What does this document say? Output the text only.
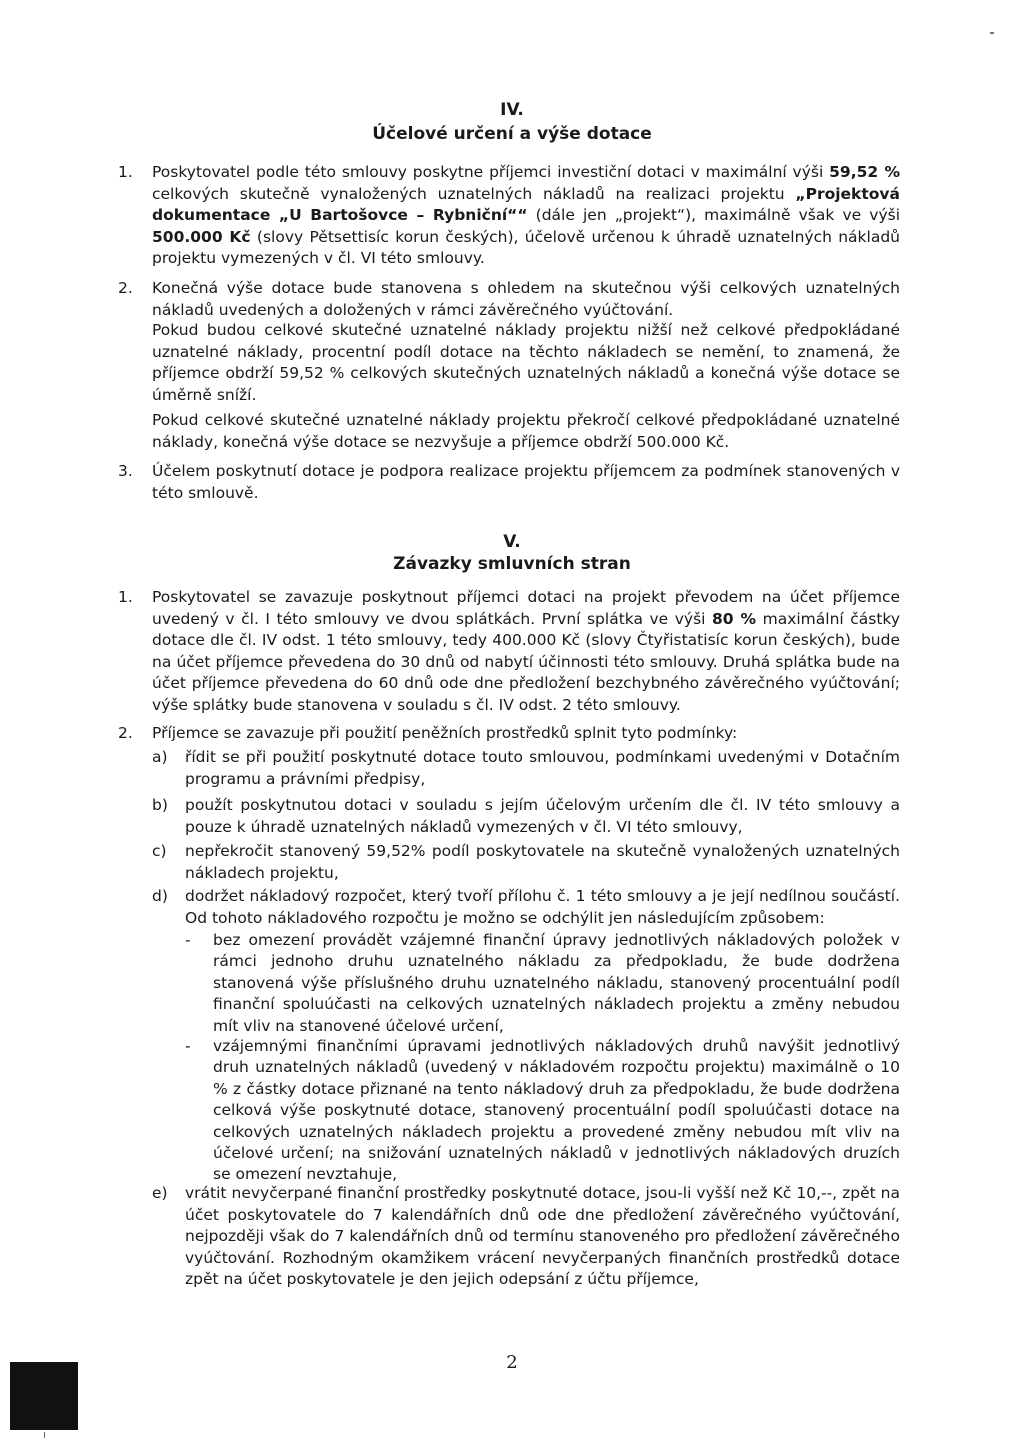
IV.
Účelové určení a výše dotace
1. Poskytovatel podle této smlouvy poskytne příjemci investiční dotaci v maximální výši 59,52 % celkových skutečně vynaložených uznatelných nákladů na realizaci projektu „Projektová dokumentace „U Bartošovce – Rybniční““ (dále jen „projekt“), maximálně však ve výši 500.000 Kč (slovy Pětsettisíc korun českých), účelově určenou k úhradě uznatelných nákladů projektu vymezených v čl. VI této smlouvy.

2. Konečná výše dotace bude stanovena s ohledem na skutečnou výši celkových uznatelných nákladů uvedených a doložených v rámci závěrečného vyúčtování.

Pokud budou celkové skutečné uznatelné náklady projektu nižší než celkové předpokládané uznatelné náklady, procentní podíl dotace na těchto nákladech se nemění, to znamená, že příjemce obdrží 59,52 % celkových skutečných uznatelných nákladů a konečná výše dotace se úměrně sníží.

Pokud celkové skutečné uznatelné náklady projektu překročí celkové předpokládané uznatelné náklady, konečná výše dotace se nezvyšuje a příjemce obdrží 500.000 Kč.

3. Účelem poskytnutí dotace je podpora realizace projektu příjemcem za podmínek stanovených v této smlouvě.

V.
Závazky smluvních stran
1. Poskytovatel se zavazuje poskytnout příjemci dotaci na projekt převodem na účet příjemce uvedený v čl. I této smlouvy ve dvou splátkách. První splátka ve výši 80 % maximální částky dotace dle čl. IV odst. 1 této smlouvy, tedy 400.000 Kč (slovy Čtyřistatisíc korun českých), bude na účet příjemce převedena do 30 dnů od nabytí účinnosti této smlouvy. Druhá splátka bude na účet příjemce převedena do 60 dnů ode dne předložení bezchybného závěrečného vyúčtování; výše splátky bude stanovena v souladu s čl. IV odst. 2 této smlouvy.

2. Příjemce se zavazuje při použití peněžních prostředků splnit tyto podmínky:

a) řídit se při použití poskytnuté dotace touto smlouvou, podmínkami uvedenými v Dotačním programu a právními předpisy,

b) použít poskytnutou dotaci v souladu s jejím účelovým určením dle čl. IV této smlouvy a pouze k úhradě uznatelných nákladů vymezených v čl. VI této smlouvy,

c) nepřekročit stanovený 59,52% podíl poskytovatele na skutečně vynaložených uznatelných nákladech projektu,

d) dodržet nákladový rozpočet, který tvoří přílohu č. 1 této smlouvy a je její nedílnou součástí. Od tohoto nákladového rozpočtu je možno se odchýlit jen následujícím způsobem:

- bez omezení provádět vzájemné finanční úpravy jednotlivých nákladových položek v rámci jednoho druhu uznatelného nákladu za předpokladu, že bude dodržena stanovená výše příslušného druhu uznatelného nákladu, stanovený procentuální podíl finanční spoluúčasti na celkových uznatelných nákladech projektu a změny nebudou mít vliv na stanovené účelové určení,

- vzájemnými finančními úpravami jednotlivých nákladových druhů navýšit jednotlivý druh uznatelných nákladů (uvedený v nákladovém rozpočtu projektu) maximálně o 10 % z částky dotace přiznané na tento nákladový druh za předpokladu, že bude dodržena celková výše poskytnuté dotace, stanovený procentuální podíl spoluúčasti dotace na celkových uznatelných nákladech projektu a provedené změny nebudou mít vliv na účelové určení; na snižování uznatelných nákladů v jednotlivých nákladových druzích se omezení nevztahuje,

e) vrátit nevyčerpané finanční prostředky poskytnuté dotace, jsou-li vyšší než Kč 10,--, zpět na účet poskytovatele do 7 kalendářních dnů ode dne předložení závěrečného vyúčtování, nejpozději však do 7 kalendářních dnů od termínu stanoveného pro předložení závěrečného vyúčtování. Rozhodným okamžikem vrácení nevyčerpaných finančních prostředků dotace zpět na účet poskytovatele je den jejich odepsání z účtu příjemce,

2
